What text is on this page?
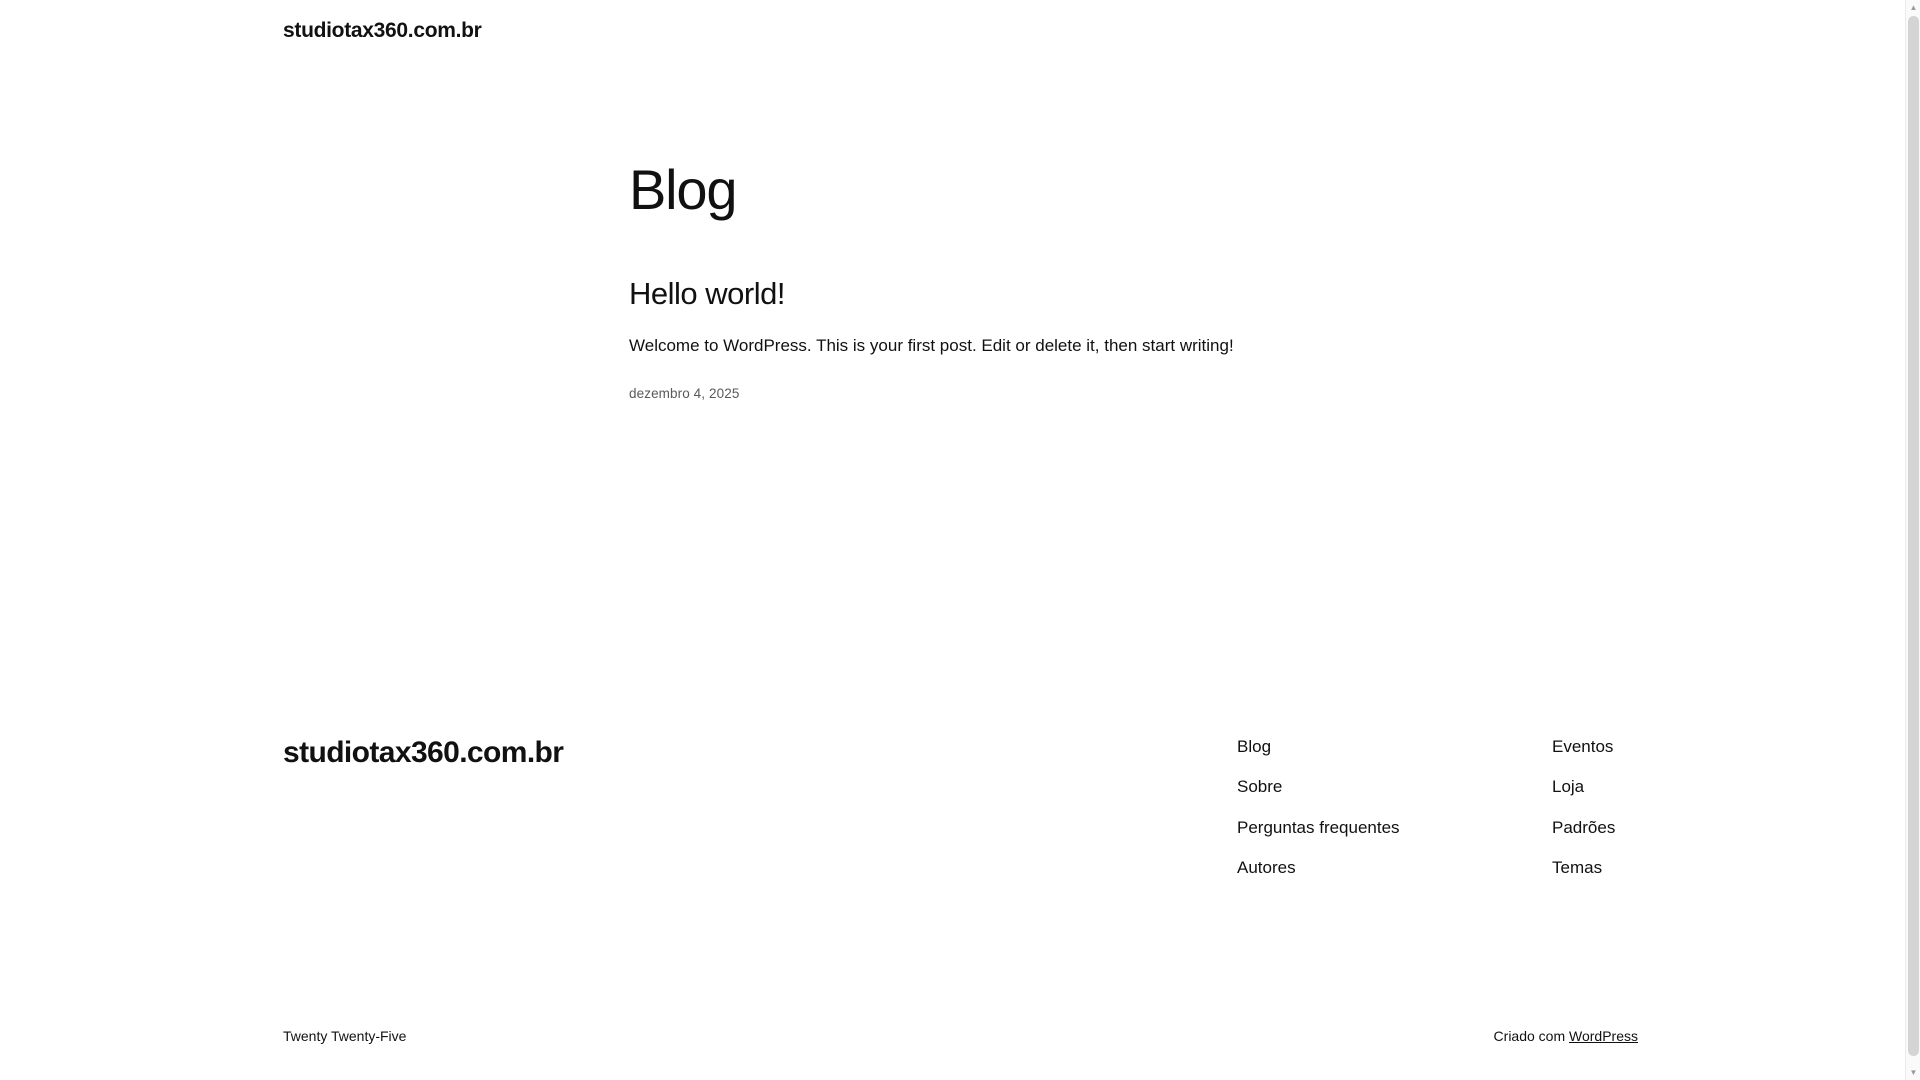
studiotax360.com.br
Blog
Hello world!

Welcome to WordPress. This is your first post. Edit or delete it, then start writing!

dezembro 4, 2025

studiotax360.com.br	Blog
Sobre
Perguntas frequentes
Autores
Eventos
Loja
Padrões
Temas
Twenty Twenty-Five	Criado com WordPress
▲
▼
